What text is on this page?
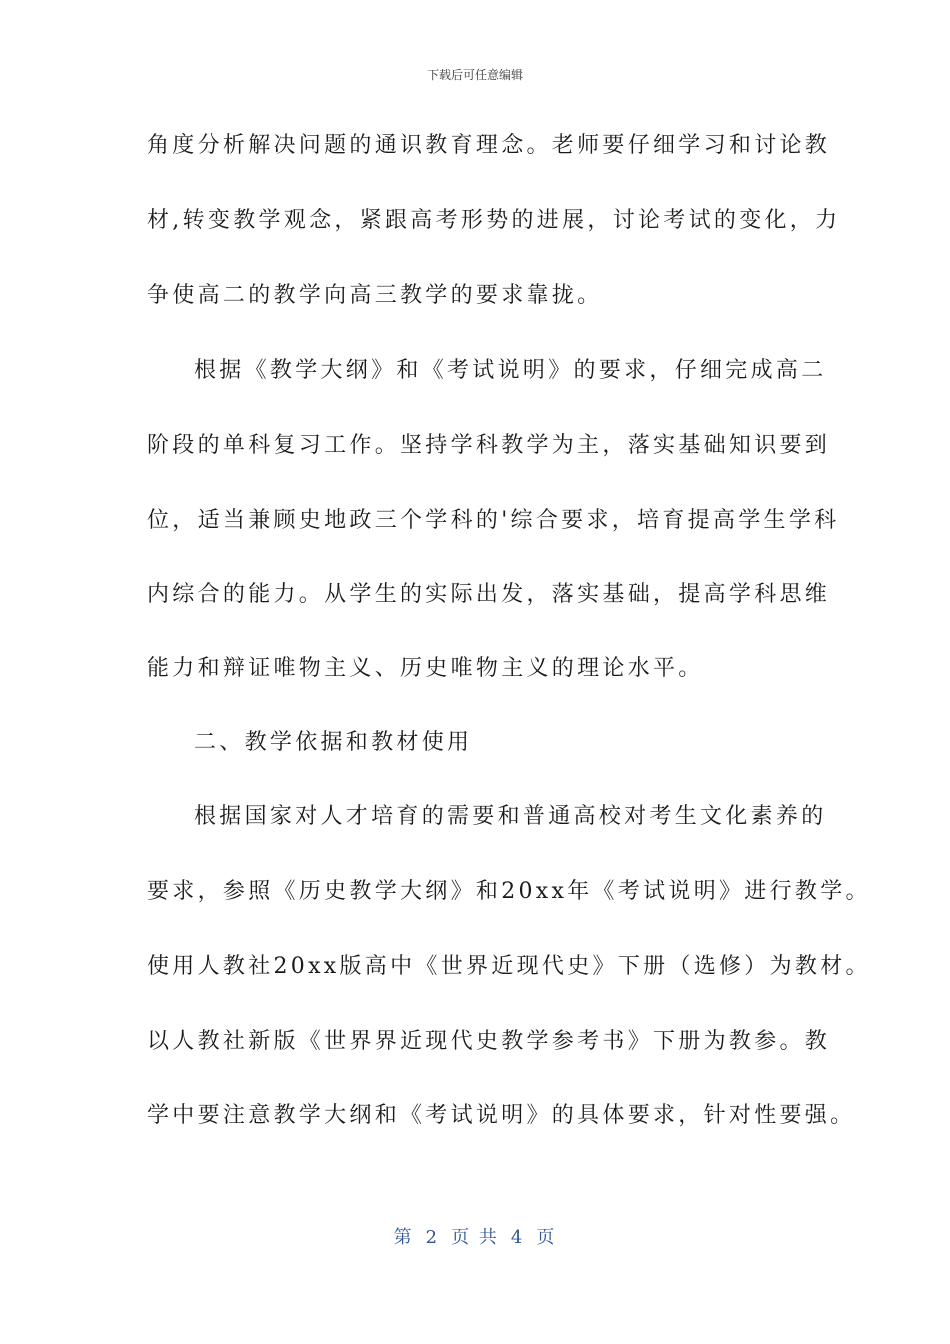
下载后可任意编辑
角度分析解决问题的通识教育理念。老师要仔细学习和讨论教
材,转变教学观念，紧跟高考形势的进展，讨论考试的变化，力
争使高二的教学向高三教学的要求靠拢。
根据《教学大纲》和《考试说明》的要求，仔细完成高二
阶段的单科复习工作。坚持学科教学为主，落实基础知识要到
位，适当兼顾史地政三个学科的'综合要求，培育提高学生学科
内综合的能力。从学生的实际出发，落实基础，提高学科思维
能力和辩证唯物主义、历史唯物主义的理论水平。
二、教学依据和教材使用
根据国家对人才培育的需要和普通高校对考生文化素养的
要求，参照《历史教学大纲》和20xx年《考试说明》进行教学。
使用人教社20xx版高中《世界近现代史》下册（选修）为教材。
以人教社新版《世界界近现代史教学参考书》下册为教参。教
学中要注意教学大纲和《考试说明》的具体要求，针对性要强。
第 2 页 共 4 页
